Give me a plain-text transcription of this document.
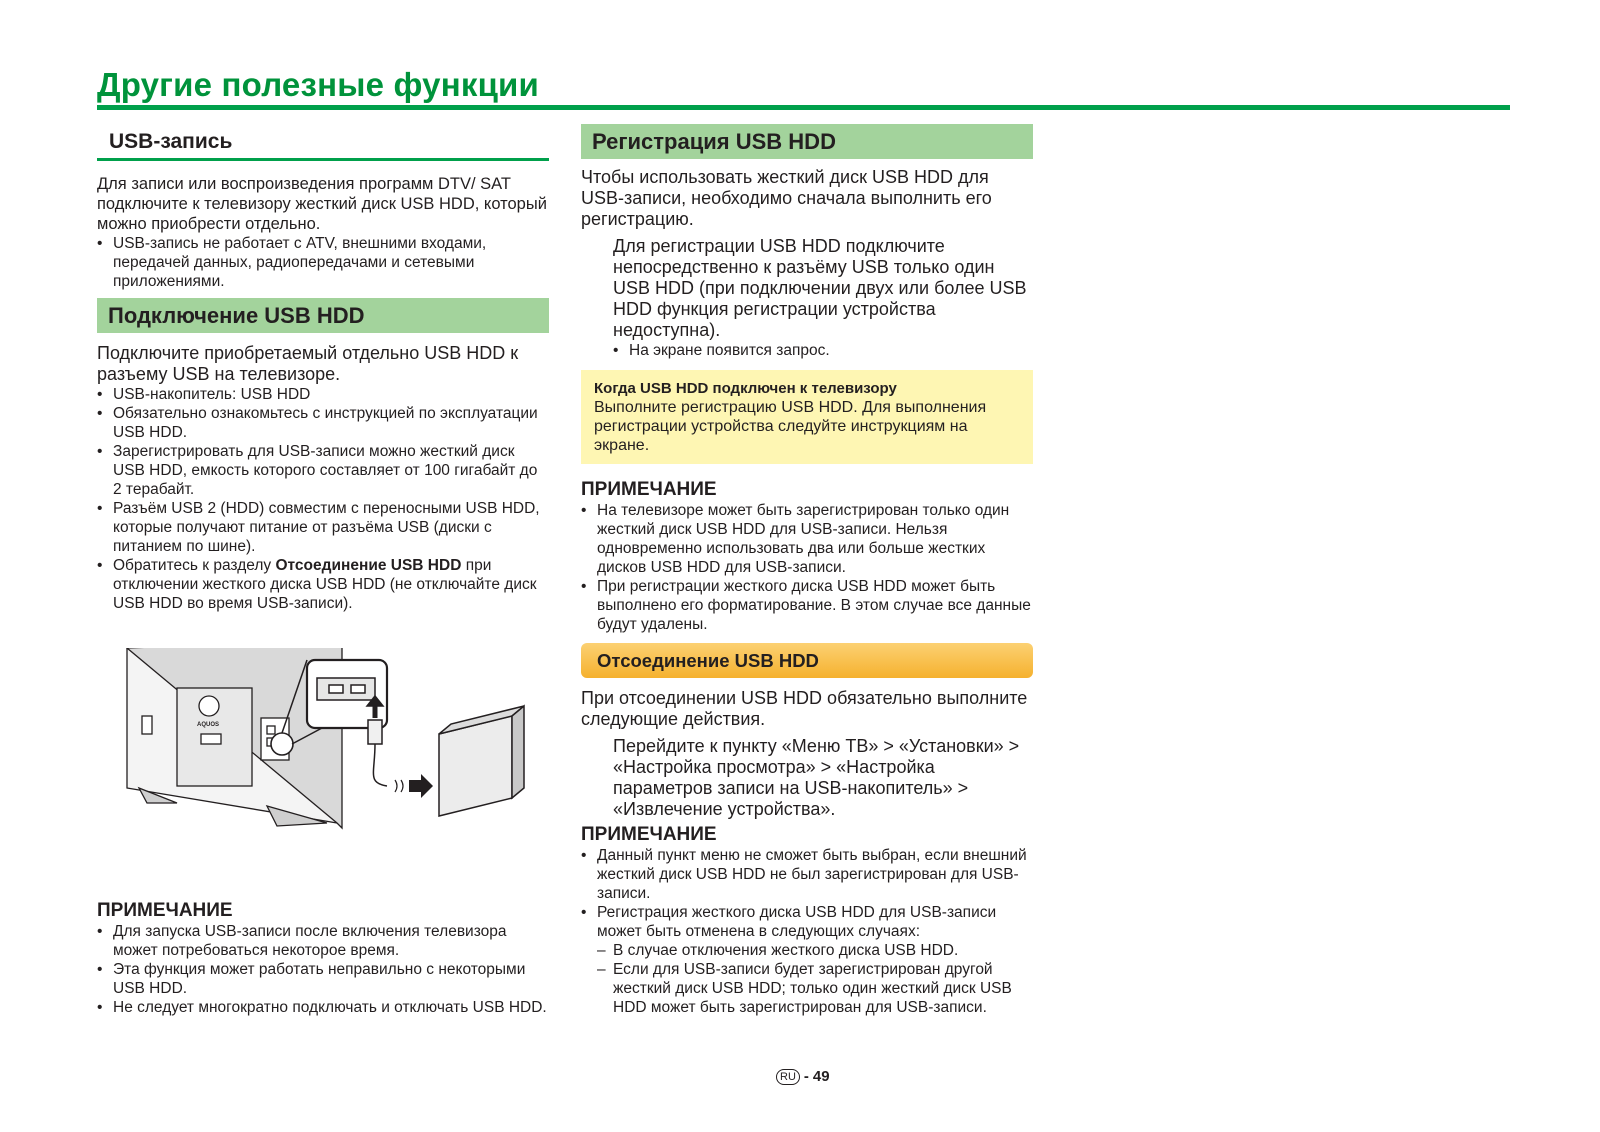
Другие полезные функции
USB-запись

Для записи или воспроизведения программ DTV/ SAT подключите к телевизору жесткий диск USB HDD, который можно приобрести отдельно.

• USB-запись не работает с ATV, внешними входами, передачей данных, радиопередачами и сетевыми приложениями.
Подключение USB HDD

Подключите приобретаемый отдельно USB HDD к разъему USB на телевизоре.

• USB-накопитель: USB HDD
• Обязательно ознакомьтесь с инструкцией по эксплуатации USB HDD.
• Зарегистрировать для USB-записи можно жесткий диск USB HDD, емкость которого составляет от 100 гигабайт до 2 терабайт.
• Разъём USB 2 (HDD) совместим с переносными USB HDD, которые получают питание от разъёма USB (диски с питанием по шине).
• Обратитесь к разделу Отсоединение USB HDD при отключении жесткого диска USB HDD (не отключайте диск USB HDD во время USB-записи).
AQUOS

ПРИМЕЧАНИЕ

• Для запуска USB-записи после включения телевизора может потребоваться некоторое время.
• Эта функция может работать неправильно с некоторыми USB HDD.
• Не следует многократно подключать и отключать USB HDD.
Регистрация USB HDD

Чтобы использовать жесткий диск USB HDD для USB-записи, необходимо сначала выполнить его регистрацию.

Для регистрации USB HDD подключите непосредственно к разъёму USB только один USB HDD (при подключении двух или более USB HDD функция регистрации устройства недоступна).

• На экране появится запрос.
Когда USB HDD подключен к телевизору
Выполните регистрацию USB HDD. Для выполнения регистрации устройства следуйте инструкциям на экране.

ПРИМЕЧАНИЕ

• На телевизоре может быть зарегистрирован только один жесткий диск USB HDD для USB-записи. Нельзя одновременно использовать два или больше жестких дисков USB HDD для USB-записи.
• При регистрации жесткого диска USB HDD может быть выполнено его форматирование. В этом случае все данные будут удалены.
Отсоединение USB HDD

При отсоединении USB HDD обязательно выполните следующие действия.

Перейдите к пункту «Меню ТВ» > «Установки» > «Настройка просмотра» > «Настройка параметров записи на USB-накопитель» > «Извлечение устройства».

ПРИМЕЧАНИЕ

• Данный пункт меню не сможет быть выбран, если внешний жесткий диск USB HDD не был зарегистрирован для USB-записи.
• Регистрация жесткого диска USB HDD для USB-записи может быть отменена в следующих случаях:
– В случае отключения жесткого диска USB HDD.
– Если для USB-записи будет зарегистрирован другой жесткий диск USB HDD; только один жесткий диск USB HDD может быть зарегистрирован для USB-записи.
RU - 49
